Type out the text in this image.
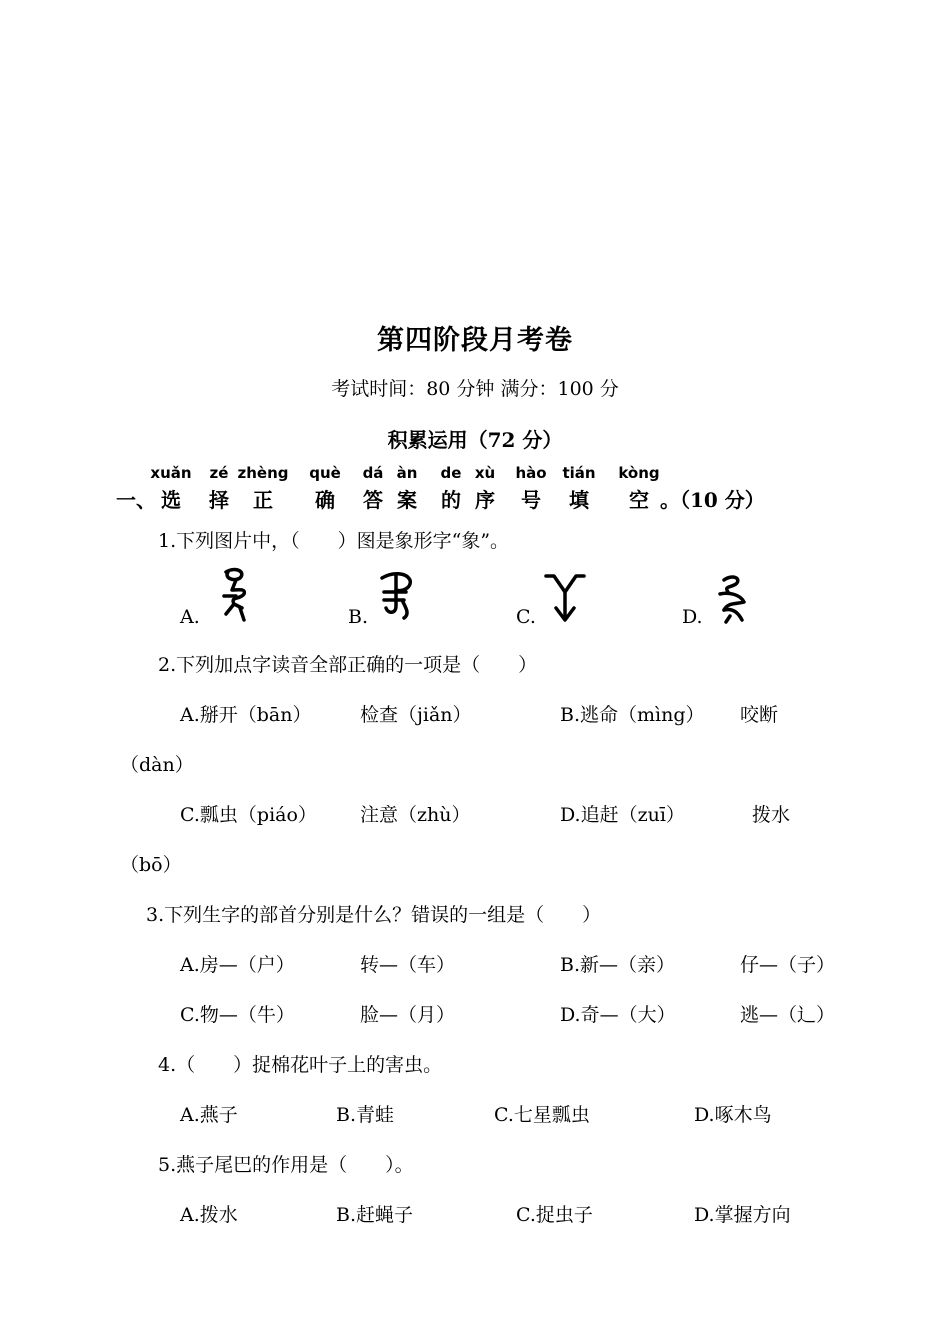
第四阶段月考卷
考试时间：80 分钟 满分：100 分
积累运用（72 分）
一、
xuǎn
选
zé
择
zhèng
正
què
确
dá
答
àn
案
de
的
xù
序
hào
号
tián
填
kòng
空 。（10 分）
1.下列图片中，（　　）图是象形字“象”。
A.	B.	C.	D.
2.下列加点字读音全部正确的一项是（　　）
A.掰开（bān）	检查（jiǎn）	B.逃命（mìng） 咬断
（dàn）
C.瓢虫（piáo） 注意（zhù）	D.追赶（zuī）	拨水
（bō）
3.下列生字的部首分别是什么？错误的一组是（　　）
A.房—（户）	转—（车）	B.新—（亲）	仔—（子）
C.物—（牛）	脸—（月）	D.奇—（大）	逃—（辶）
4.（　　）捉棉花叶子上的害虫。
A.燕子	B.青蛙	C.七星瓢虫	D.啄木鸟
5.燕子尾巴的作用是（　　）。
A.拨水	B.赶蝇子	C.捉虫子	D.掌握方向
